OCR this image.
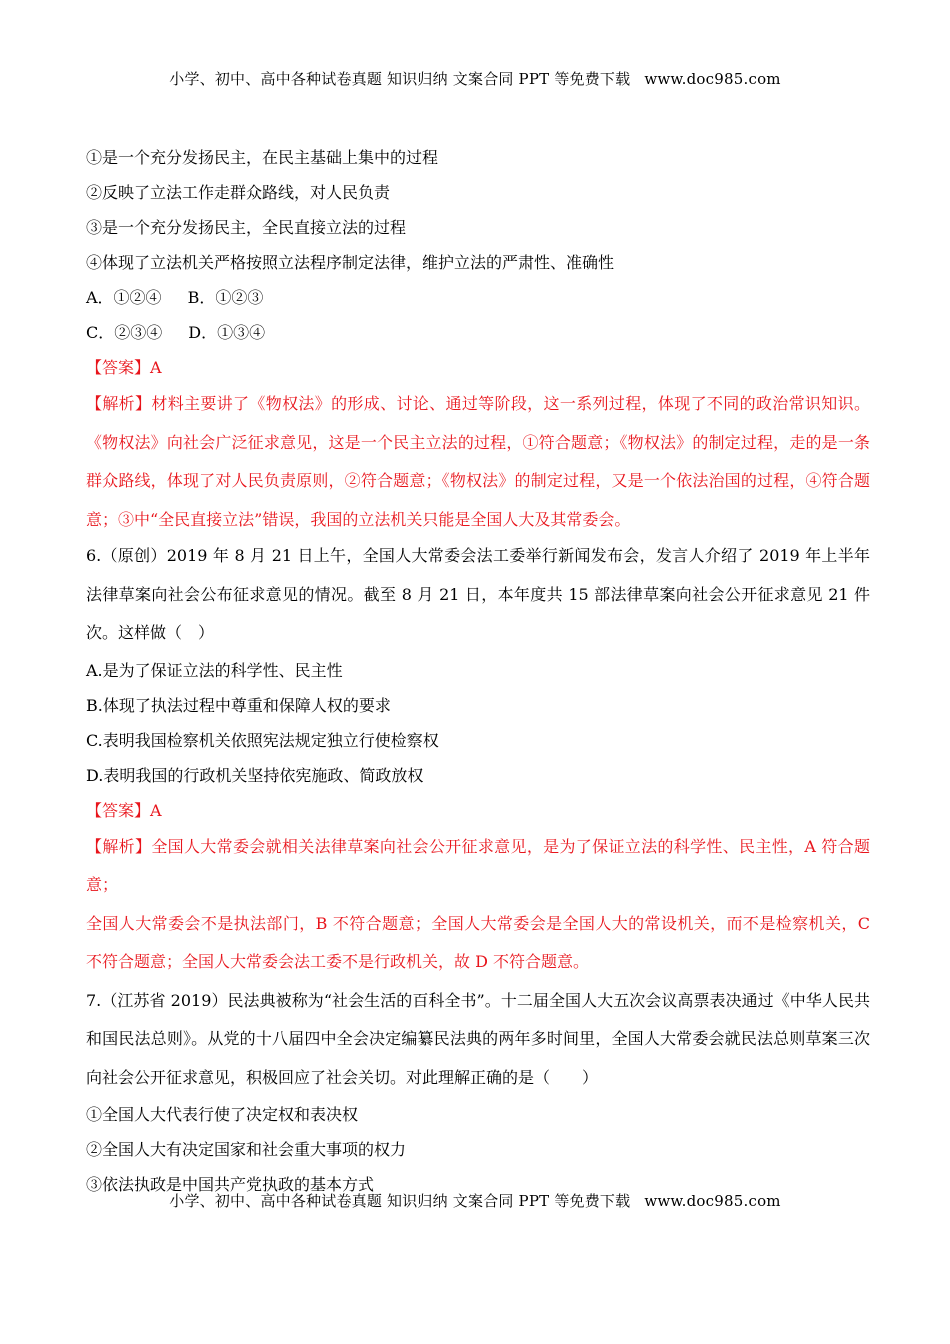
小学、初中、高中各种试卷真题 知识归纳 文案合同 PPT 等免费下载 www.doc985.com
①是一个充分发扬民主，在民主基础上集中的过程
②反映了立法工作走群众路线，对人民负责
③是一个充分发扬民主，全民直接立法的过程
④体现了立法机关严格按照立法程序制定法律，维护立法的严肃性、准确性
A．①②④ B．①②③
C．②③④ D．①③④
【答案】A
【解析】材料主要讲了《物权法》的形成、讨论、通过等阶段，这一系列过程，体现了不同的政治常识知识。《物权法》向社会广泛征求意见，这是一个民主立法的过程，①符合题意；《物权法》的制定过程，走的是一条群众路线，体现了对人民负责原则，②符合题意；《物权法》的制定过程，又是一个依法治国的过程，④符合题意；③中“全民直接立法”错误，我国的立法机关只能是全国人大及其常委会。
6.（原创）2019 年 8 月 21 日上午，全国人大常委会法工委举行新闻发布会，发言人介绍了 2019 年上半年法律草案向社会公布征求意见的情况。截至 8 月 21 日，本年度共 15 部法律草案向社会公开征求意见 21 件次。这样做（　）
A.是为了保证立法的科学性、民主性
B.体现了执法过程中尊重和保障人权的要求
C.表明我国检察机关依照宪法规定独立行使检察权
D.表明我国的行政机关坚持依宪施政、简政放权
【答案】A
【解析】全国人大常委会就相关法律草案向社会公开征求意见，是为了保证立法的科学性、民主性，A 符合题意；
全国人大常委会不是执法部门，B 不符合题意；全国人大常委会是全国人大的常设机关，而不是检察机关，C 不符合题意；全国人大常委会法工委不是行政机关，故 D 不符合题意。
7.（江苏省 2019）民法典被称为“社会生活的百科全书”。十二届全国人大五次会议高票表决通过《中华人民共和国民法总则》。从党的十八届四中全会决定编纂民法典的两年多时间里，全国人大常委会就民法总则草案三次向社会公开征求意见，积极回应了社会关切。对此理解正确的是（　　）
①全国人大代表行使了决定权和表决权
②全国人大有决定国家和社会重大事项的权力
③依法执政是中国共产党执政的基本方式
小学、初中、高中各种试卷真题 知识归纳 文案合同 PPT 等免费下载 www.doc985.com
